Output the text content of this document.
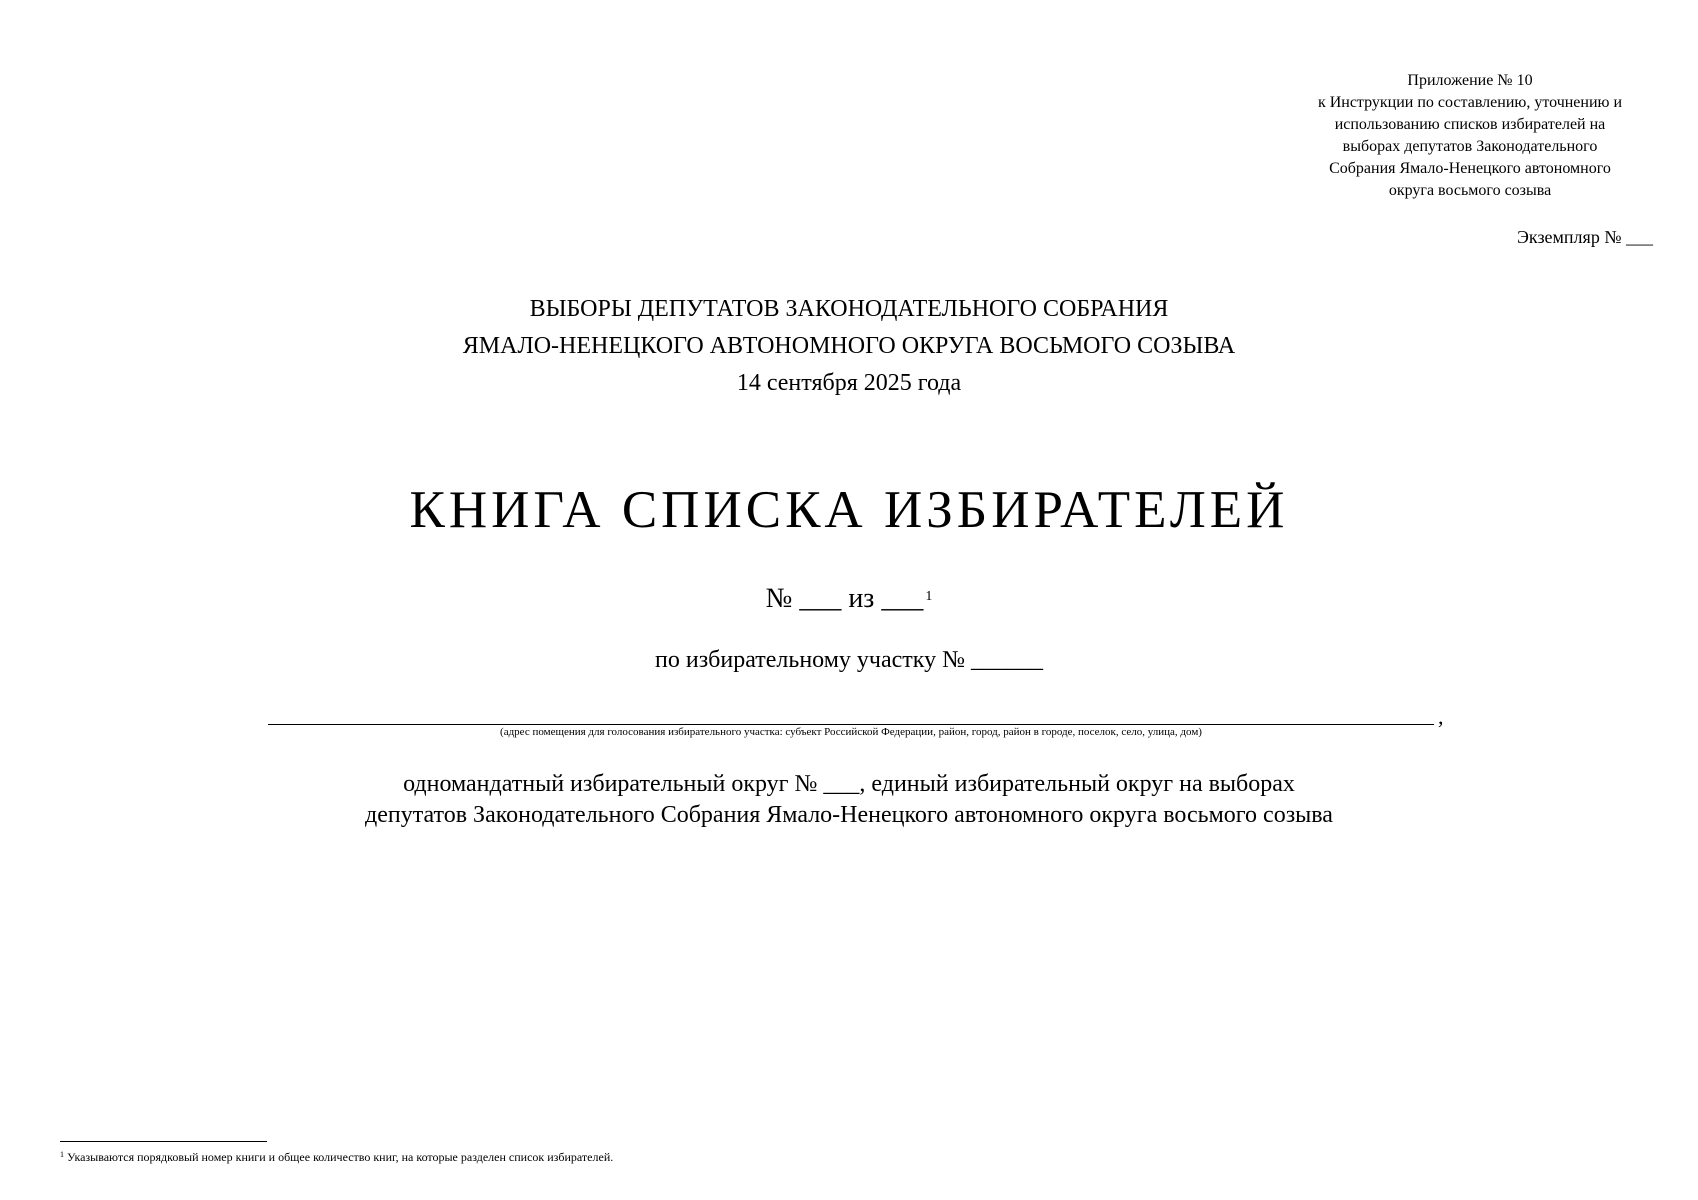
Приложение № 10
к Инструкции по составлению, уточнению и
использованию списков избирателей на
выборах депутатов Законодательного
Собрания Ямало-Ненецкого автономного
округа восьмого созыва
Экземпляр № ___
ВЫБОРЫ ДЕПУТАТОВ ЗАКОНОДАТЕЛЬНОГО СОБРАНИЯ
ЯМАЛО-НЕНЕЦКОГО АВТОНОМНОГО ОКРУГА ВОСЬМОГО СОЗЫВА
14 сентября 2025 года
КНИГА СПИСКА ИЗБИРАТЕЛЕЙ
№ ___ из ___ $^1$
по избирательному участку № ______
,
(адрес помещения для голосования избирательного участка: субъект Российской Федерации, район, город, район в городе, поселок, село, улица, дом)
одномандатный избирательный округ № ___, единый избирательный округ на выборах
депутатов Законодательного Собрания Ямало-Ненецкого автономного округа восьмого созыва
$^1$ Указываются порядковый номер книги и общее количество книг, на которые разделен список избирателей.
